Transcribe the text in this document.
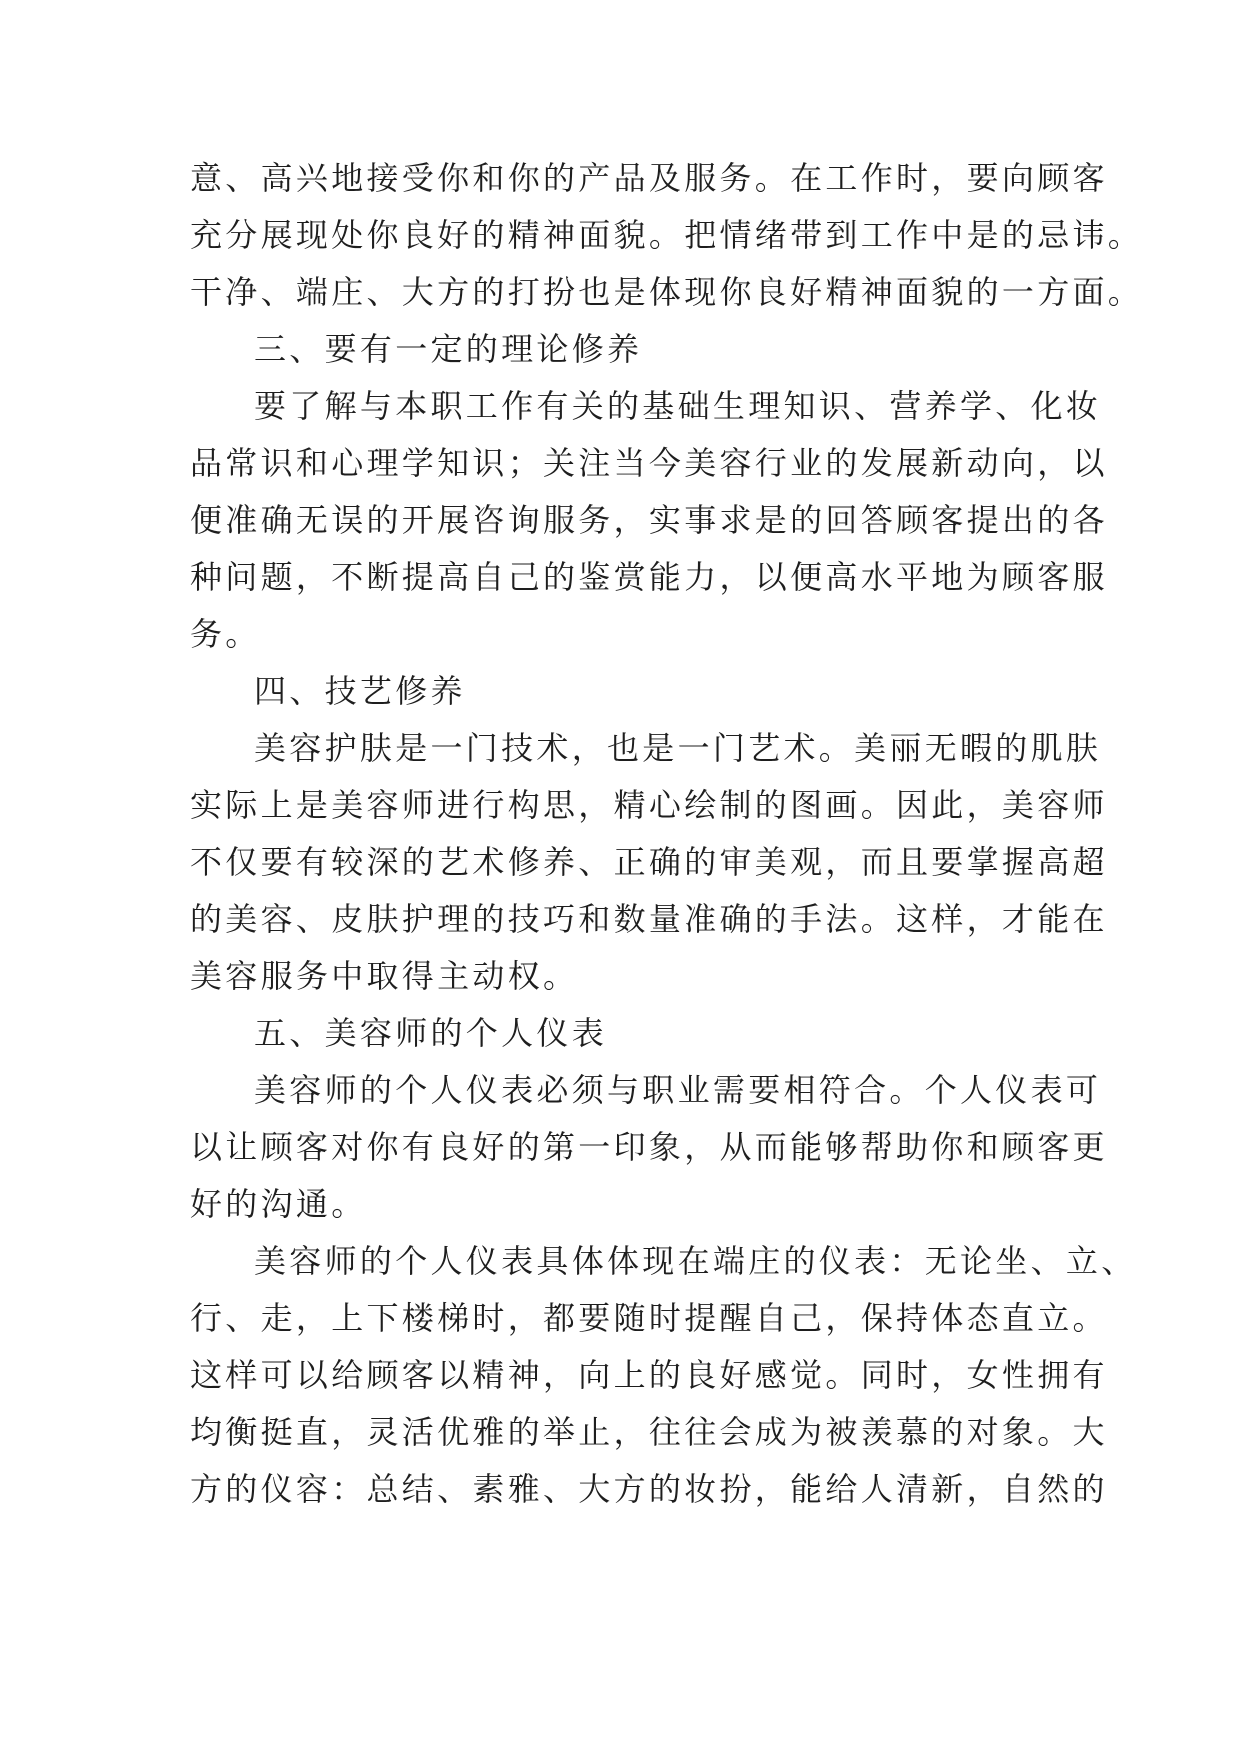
意、高兴地接受你和你的产品及服务。在工作时，要向顾客
充分展现处你良好的精神面貌。把情绪带到工作中是的忌讳。
干净、端庄、大方的打扮也是体现你良好精神面貌的一方面。
三、要有一定的理论修养
要了解与本职工作有关的基础生理知识、营养学、化妆
品常识和心理学知识；关注当今美容行业的发展新动向，以
便准确无误的开展咨询服务，实事求是的回答顾客提出的各
种问题，不断提高自己的鉴赏能力，以便高水平地为顾客服
务。
四、技艺修养
美容护肤是一门技术，也是一门艺术。美丽无暇的肌肤
实际上是美容师进行构思，精心绘制的图画。因此，美容师
不仅要有较深的艺术修养、正确的审美观，而且要掌握高超
的美容、皮肤护理的技巧和数量准确的手法。这样，才能在
美容服务中取得主动权。
五、美容师的个人仪表
美容师的个人仪表必须与职业需要相符合。个人仪表可
以让顾客对你有良好的第一印象，从而能够帮助你和顾客更
好的沟通。
美容师的个人仪表具体体现在端庄的仪表：无论坐、立、
行、走，上下楼梯时，都要随时提醒自己，保持体态直立。
这样可以给顾客以精神，向上的良好感觉。同时，女性拥有
均衡挺直，灵活优雅的举止，往往会成为被羡慕的对象。大
方的仪容：总结、素雅、大方的妆扮，能给人清新，自然的
